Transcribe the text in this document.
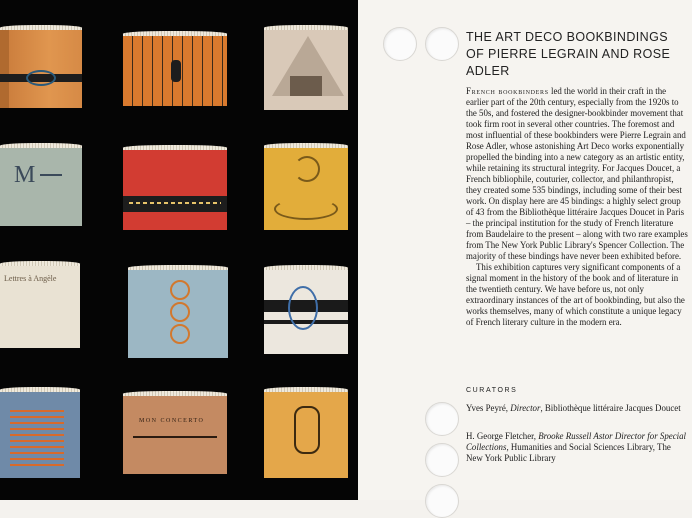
M
Lettres à Angèle
MON CONCERTO
THE ART DECO BOOKBINDINGS OF PIERRE LEGRAIN AND ROSE ADLER

French bookbinders led the world in their craft in the earlier part of the 20th century, especially from the 1920s to the 50s, and fostered the designer-bookbinder movement that took firm root in several other countries. The foremost and most influential of these bookbinders were Pierre Legrain and Rose Adler, whose astonishing Art Deco works exponentially propelled the binding into a new category as an artistic entity, while retaining its structural integrity. For Jacques Doucet, a French bibliophile, couturier, collector, and philanthropist, they created some 535 bindings, including some of their best work. On display here are 45 bindings: a highly select group of 43 from the Bibliothèque littéraire Jacques Doucet in Paris – the principal institution for the study of French literature from Baudelaire to the present – along with two rare examples from The New York Public Library's Spencer Collection. The majority of these bindings have never been exhibited before.

This exhibition captures very significant components of a signal moment in the history of the book and of literature in the twentieth century. We have before us, not only extraordinary instances of the art of bookbinding, but also the works themselves, many of which constitute a unique legacy of French literary culture in the modern era.

CURATORS
Yves Peyré, Director, Bibliothèque littéraire Jacques Doucet
H. George Fletcher, Brooke Russell Astor Director for Special Collections, Humanities and Social Sciences Library, The New York Public Library
